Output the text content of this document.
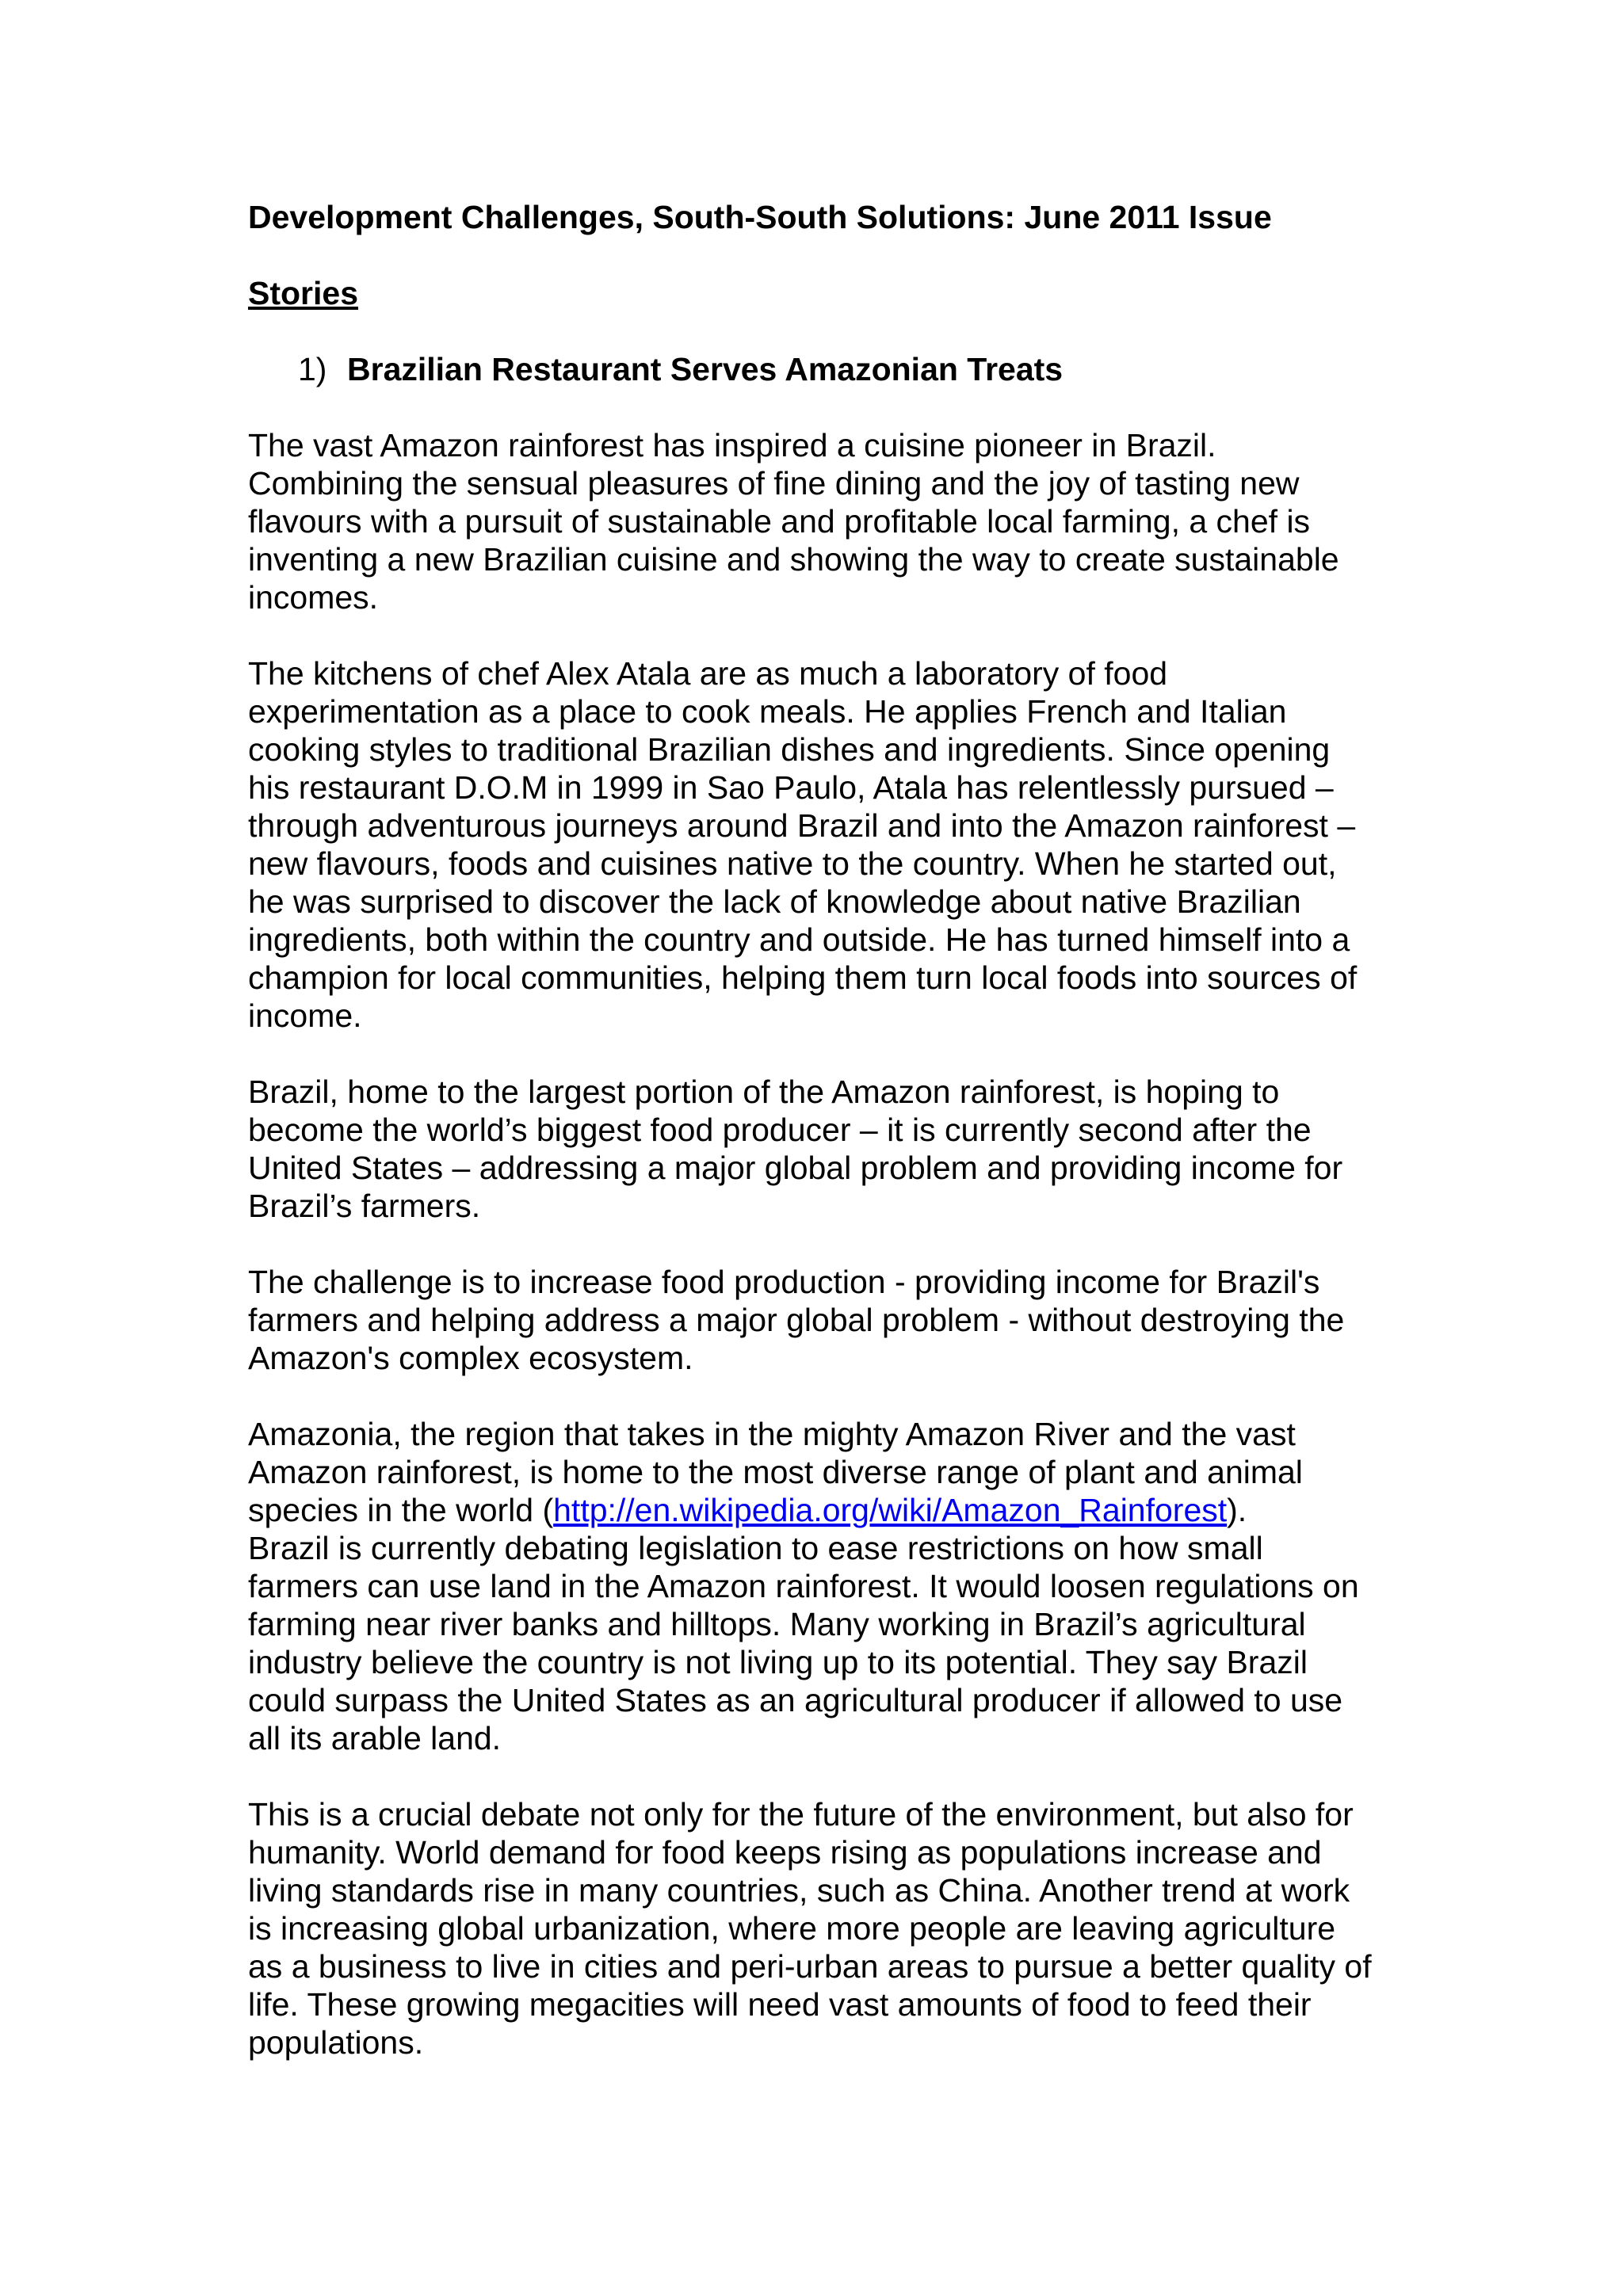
Development Challenges, South-South Solutions: June 2011 Issue
Stories
1) Brazilian Restaurant Serves Amazonian Treats
The vast Amazon rainforest has inspired a cuisine pioneer in Brazil.
Combining the sensual pleasures of fine dining and the joy of tasting new
flavours with a pursuit of sustainable and profitable local farming, a chef is
inventing a new Brazilian cuisine and showing the way to create sustainable
incomes.
The kitchens of chef Alex Atala are as much a laboratory of food
experimentation as a place to cook meals. He applies French and Italian
cooking styles to traditional Brazilian dishes and ingredients. Since opening
his restaurant D.O.M in 1999 in Sao Paulo, Atala has relentlessly pursued –
through adventurous journeys around Brazil and into the Amazon rainforest –
new flavours, foods and cuisines native to the country. When he started out,
he was surprised to discover the lack of knowledge about native Brazilian
ingredients, both within the country and outside. He has turned himself into a
champion for local communities, helping them turn local foods into sources of
income.
Brazil, home to the largest portion of the Amazon rainforest, is hoping to
become the world’s biggest food producer – it is currently second after the
United States – addressing a major global problem and providing income for
Brazil’s farmers.
The challenge is to increase food production - providing income for Brazil's
farmers and helping address a major global problem - without destroying the
Amazon's complex ecosystem.
Amazonia, the region that takes in the mighty Amazon River and the vast
Amazon rainforest, is home to the most diverse range of plant and animal
species in the world (http://en.wikipedia.org/wiki/Amazon_Rainforest).
Brazil is currently debating legislation to ease restrictions on how small
farmers can use land in the Amazon rainforest. It would loosen regulations on
farming near river banks and hilltops. Many working in Brazil’s agricultural
industry believe the country is not living up to its potential. They say Brazil
could surpass the United States as an agricultural producer if allowed to use
all its arable land.
This is a crucial debate not only for the future of the environment, but also for
humanity. World demand for food keeps rising as populations increase and
living standards rise in many countries, such as China. Another trend at work
is increasing global urbanization, where more people are leaving agriculture
as a business to live in cities and peri-urban areas to pursue a better quality of
life. These growing megacities will need vast amounts of food to feed their
populations.
